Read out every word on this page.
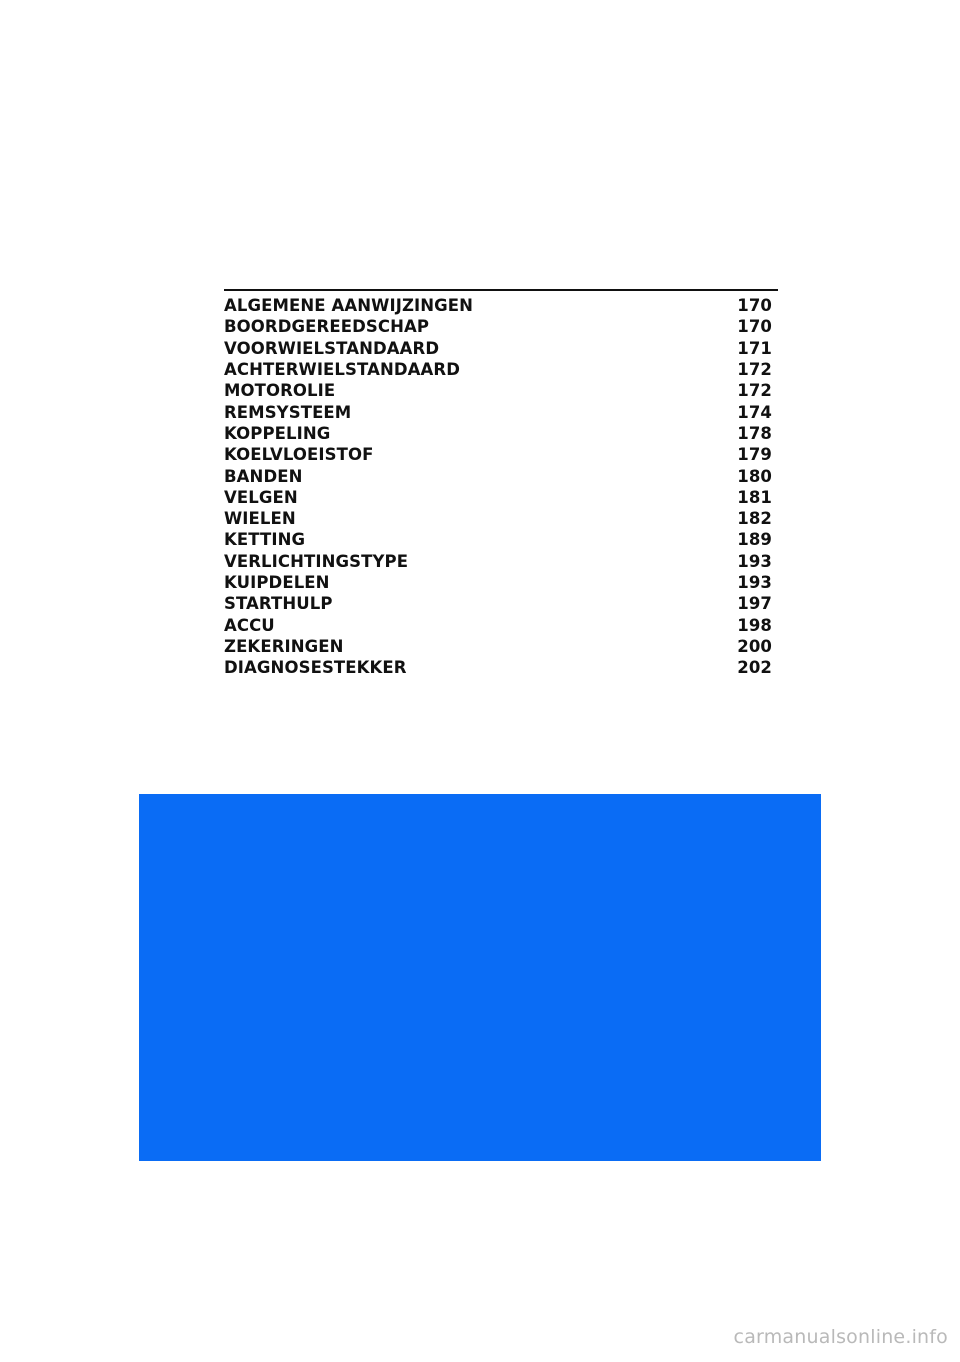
ALGEMENE AANWIJZINGEN	170
BOORDGEREEDSCHAP	170
VOORWIELSTANDAARD	171
ACHTERWIELSTANDAARD	172
MOTOROLIE	172
REMSYSTEEM	174
KOPPELING	178
KOELVLOEISTOF	179
BANDEN	180
VELGEN	181
WIELEN	182
KETTING	189
VERLICHTINGSTYPE	193
KUIPDELEN	193
STARTHULP	197
ACCU	198
ZEKERINGEN	200
DIAGNOSESTEKKER	202
carmanualsonline.info
